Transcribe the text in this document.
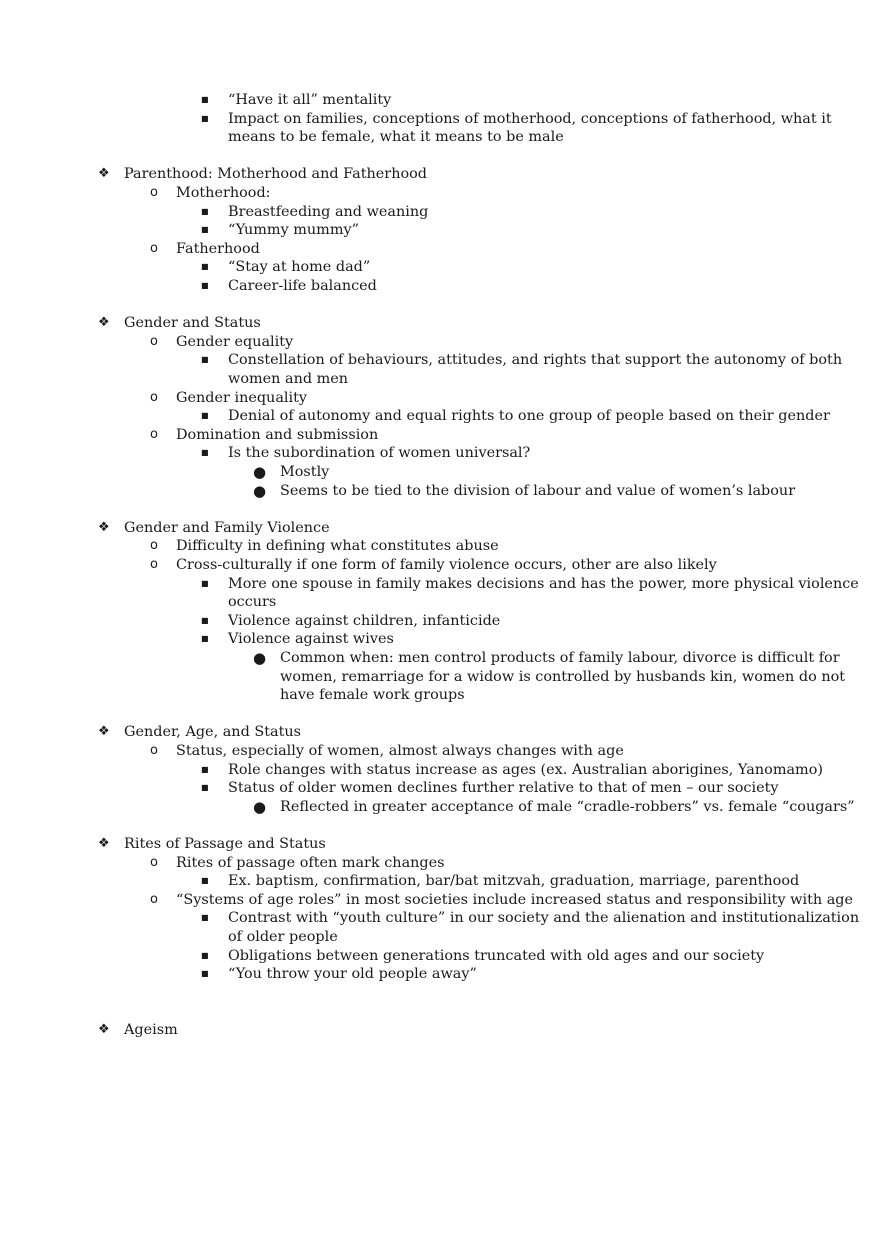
“Have it all” mentality
■
Impact on families, conceptions of motherhood, conceptions of fatherhood, what it
■
means to be female, what it means to be male
Parenthood: Motherhood and Fatherhood
❖
Motherhood:
o
Breastfeeding and weaning
■
“Yummy mummy”
■
Fatherhood
o
“Stay at home dad”
■
Career-life balanced
■
Gender and Status
❖
Gender equality
o
Constellation of behaviours, attitudes, and rights that support the autonomy of both
■
women and men
Gender inequality
o
Denial of autonomy and equal rights to one group of people based on their gender
■
Domination and submission
o
Is the subordination of women universal?
■
Mostly
●
Seems to be tied to the division of labour and value of women’s labour
●
Gender and Family Violence
❖
Difficulty in defining what constitutes abuse
o
Cross-culturally if one form of family violence occurs, other are also likely
o
More one spouse in family makes decisions and has the power, more physical violence
■
occurs
Violence against children, infanticide
■
Violence against wives
■
Common when: men control products of family labour, divorce is difficult for
●
women, remarriage for a widow is controlled by husbands kin, women do not
have female work groups
Gender, Age, and Status
❖
Status, especially of women, almost always changes with age
o
Role changes with status increase as ages (ex. Australian aborigines, Yanomamo)
■
Status of older women declines further relative to that of men – our society
■
Reflected in greater acceptance of male “cradle-robbers” vs. female “cougars”
●
Rites of Passage and Status
❖
Rites of passage often mark changes
o
Ex. baptism, confirmation, bar/bat mitzvah, graduation, marriage, parenthood
■
“Systems of age roles” in most societies include increased status and responsibility with age
o
Contrast with “youth culture” in our society and the alienation and institutionalization
■
of older people
Obligations between generations truncated with old ages and our society
■
“You throw your old people away”
■
Ageism
❖
